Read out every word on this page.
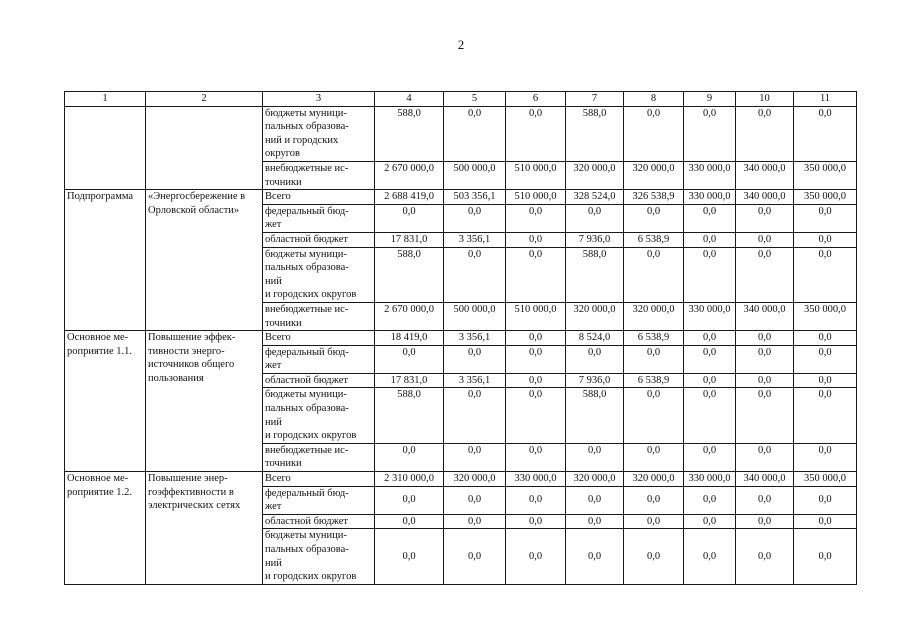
2
1	2	3	4	5	6	7	8	9	10	11
		бюджеты муници-
пальных образова-
ний и городских
округов	588,0	0,0	0,0	588,0	0,0	0,0	0,0	0,0
		внебюджетные ис-
точники	2 670 000,0	500 000,0	510 000,0	320 000,0	320 000,0	330 000,0	340 000,0	350 000,0
Подпрограмма	«Энергосбережение в
Орловской области»	Всего	2 688 419,0	503 356,1	510 000,0	328 524,0	326 538,9	330 000,0	340 000,0	350 000,0
		федеральный бюд-
жет	0,0	0,0	0,0	0,0	0,0	0,0	0,0	0,0
		областной бюджет	17 831,0	3 356,1	0,0	7 936,0	6 538,9	0,0	0,0	0,0
		бюджеты муници-
пальных образова-
ний
и городских округов	588,0	0,0	0,0	588,0	0,0	0,0	0,0	0,0
		внебюджетные ис-
точники	2 670 000,0	500 000,0	510 000,0	320 000,0	320 000,0	330 000,0	340 000,0	350 000,0
Основное ме-
роприятие 1.1.	Повышение эффек-
тивности энерго-
источников общего
пользования	Всего	18 419,0	3 356,1	0,0	8 524,0	6 538,9	0,0	0,0	0,0
		федеральный бюд-
жет	0,0	0,0	0,0	0,0	0,0	0,0	0,0	0,0
		областной бюджет	17 831,0	3 356,1	0,0	7 936,0	6 538,9	0,0	0,0	0,0
		бюджеты муници-
пальных образова-
ний
и городских округов	588,0	0,0	0,0	588,0	0,0	0,0	0,0	0,0
		внебюджетные ис-
точники	0,0	0,0	0,0	0,0	0,0	0,0	0,0	0,0
Основное ме-
роприятие 1.2.	Повышение энер-
гоэффективности в
электрических сетях	Всего	2 310 000,0	320 000,0	330 000,0	320 000,0	320 000,0	330 000,0	340 000,0	350 000,0
		федеральный бюд-
жет	0,0	0,0	0,0	0,0	0,0	0,0	0,0	0,0
		областной бюджет	0,0	0,0	0,0	0,0	0,0	0,0	0,0	0,0
		бюджеты муници-
пальных образова-
ний
и городских округов	0,0	0,0	0,0	0,0	0,0	0,0	0,0	0,0
